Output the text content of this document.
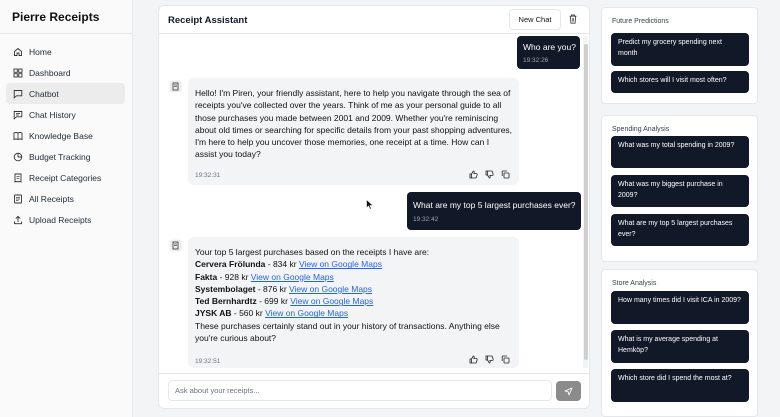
Pierre Receipts
Home
Dashboard
Chatbot
Chat History
Knowledge Base
Budget Tracking
Receipt Categories
All Receipts
Upload Receipts
Receipt Assistant	New Chat
Who are you?
19:32:26
Hello! I'm Piren, your friendly assistant, here to help you navigate through the sea of receipts you've collected over the years. Think of me as your personal guide to all those purchases you made between 2001 and 2009. Whether you're reminiscing about old times or searching for specific details from your past shopping adventures, I'm here to help you uncover those memories, one receipt at a time. How can I assist you today?
19:32:31
What are my top 5 largest purchases ever?
19:32:42
Your top 5 largest purchases based on the receipts I have are:
Cervera Frölunda - 834 kr View on Google Maps
Fakta - 928 kr View on Google Maps
Systembolaget - 876 kr View on Google Maps
Ted Bernhardtz - 699 kr View on Google Maps
JYSK AB - 560 kr View on Google Maps
These purchases certainly stand out in your history of transactions. Anything else you're curious about?
19:32:51
Ask about your receipts...
Future Predictions
Predict my grocery spending next month
Which stores will I visit most often?
Spending Analysis
What was my total spending in 2009?
What was my biggest purchase in 2009?
What are my top 5 largest purchases ever?
Store Analysis
How many times did I visit ICA in 2009?
What is my average spending at Hemköp?
Which store did I spend the most at?
